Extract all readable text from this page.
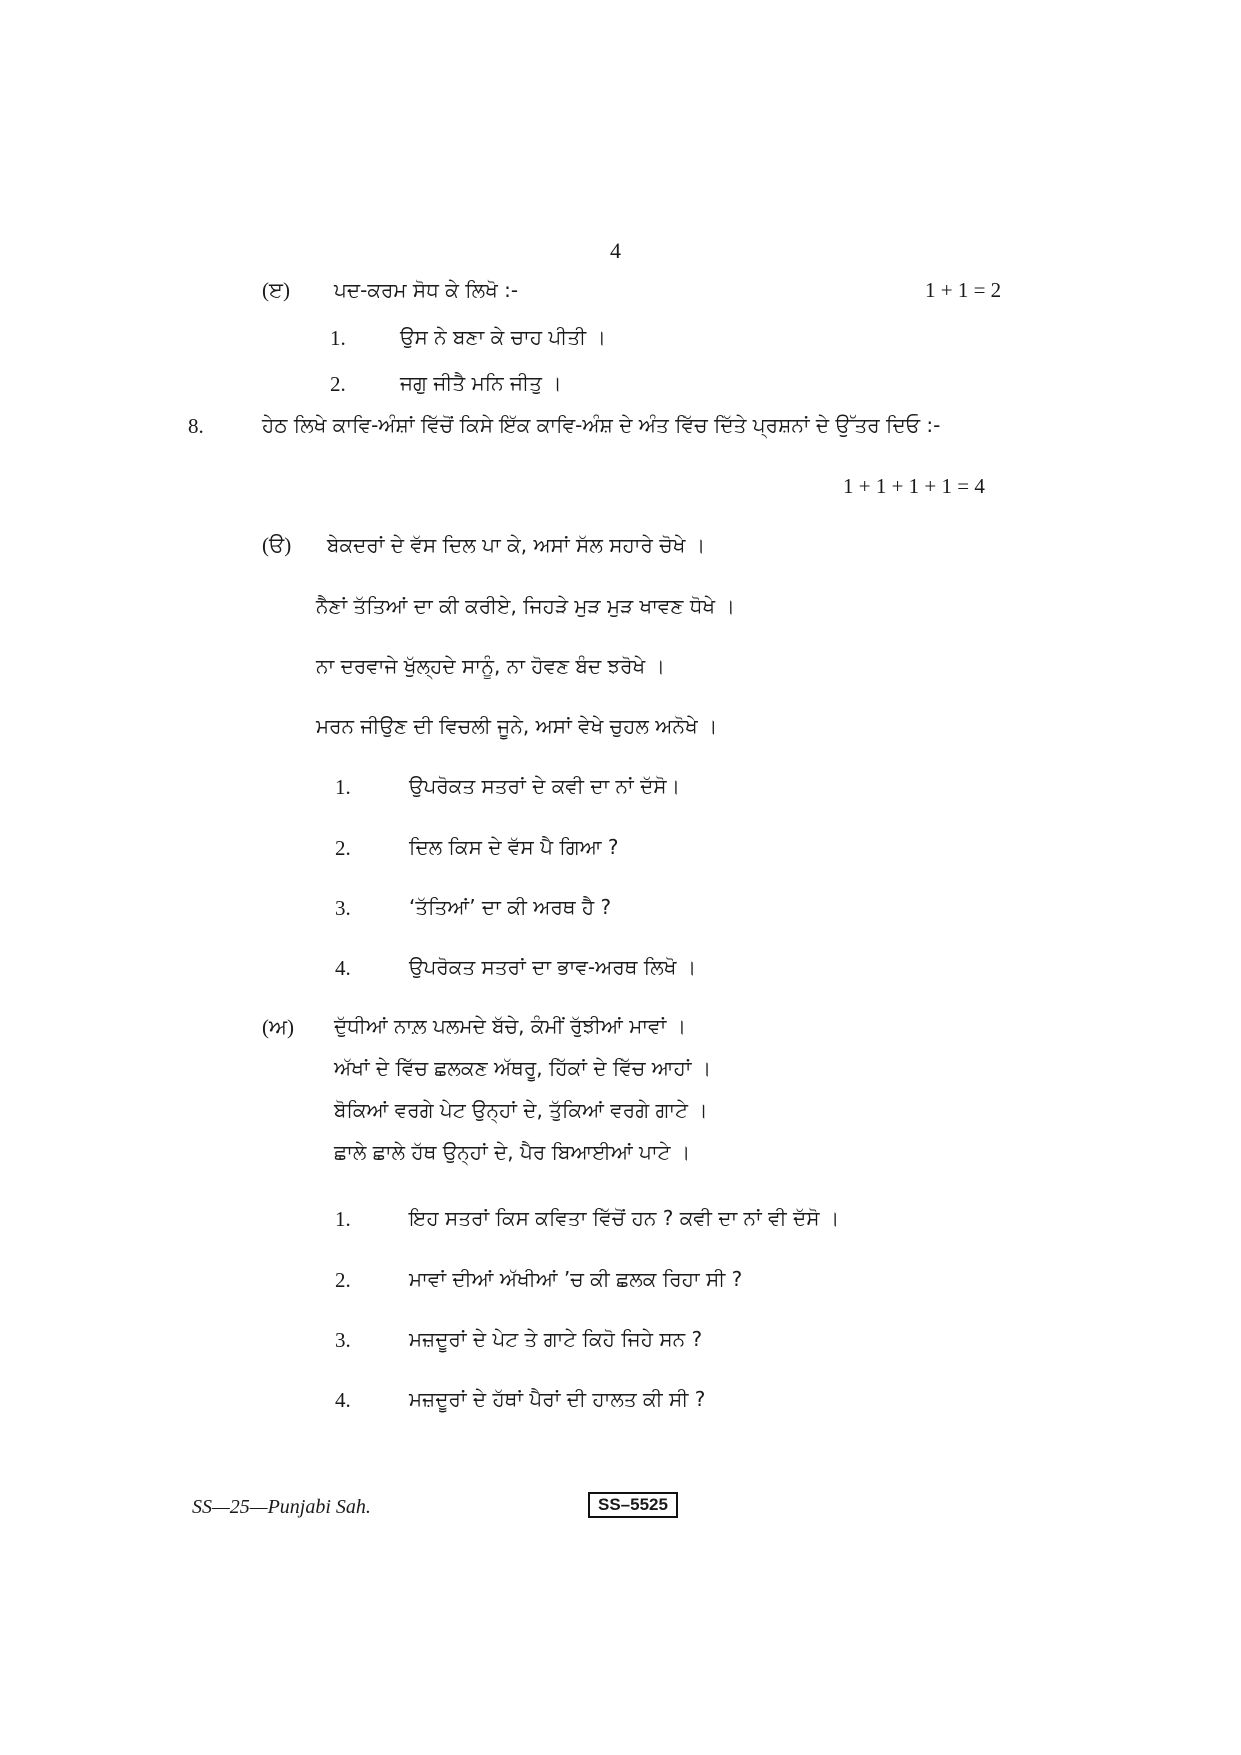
4
(ੲ) ਪਦ-ਕਰਮ ਸੋਧ ਕੇ ਲਿਖੋ :-	1 + 1 = 2
1.	ਉਸ ਨੇ ਬਣਾ ਕੇ ਚਾਹ ਪੀਤੀ ।
2.	ਜਗੁ ਜੀਤੈ ਮਨਿ ਜੀਤੁ ।
8.	ਹੇਠ ਲਿਖੇ ਕਾਵਿ-ਅੰਸ਼ਾਂ ਵਿੱਚੋਂ ਕਿਸੇ ਇੱਕ ਕਾਵਿ-ਅੰਸ਼ ਦੇ ਅੰਤ ਵਿੱਚ ਦਿੱਤੇ ਪ੍ਰਸ਼ਨਾਂ ਦੇ ਉੱਤਰ ਦਿਓ :-
1 + 1 + 1 + 1 = 4
(ੳ) ਬੇਕਦਰਾਂ ਦੇ ਵੱਸ ਦਿਲ ਪਾ ਕੇ, ਅਸਾਂ ਸੱਲ ਸਹਾਰੇ ਚੋਖੇ ।
ਨੈਣਾਂ ਤੱਤਿਆਂ ਦਾ ਕੀ ਕਰੀਏ, ਜਿਹੜੇ ਮੁੜ ਮੁੜ ਖਾਵਣ ਧੋਖੇ ।
ਨਾ ਦਰਵਾਜੇ ਖੁੱਲ੍ਹਦੇ ਸਾਨੂੰ, ਨਾ ਹੋਵਣ ਬੰਦ ਝਰੋਖੇ ।
ਮਰਨ ਜੀਉਣ ਦੀ ਵਿਚਲੀ ਜੂਨੇ, ਅਸਾਂ ਵੇਖੇ ਚੁਹਲ ਅਨੋਖੇ ।
1.	ਉਪਰੋਕਤ ਸਤਰਾਂ ਦੇ ਕਵੀ ਦਾ ਨਾਂ ਦੱਸੋ।
2.	ਦਿਲ ਕਿਸ ਦੇ ਵੱਸ ਪੈ ਗਿਆ ?
3.	‘ਤੱਤਿਆਂ’ ਦਾ ਕੀ ਅਰਥ ਹੈ ?
4.	ਉਪਰੋਕਤ ਸਤਰਾਂ ਦਾ ਭਾਵ-ਅਰਥ ਲਿਖੋ ।
(ਅ) ਦੁੱਧੀਆਂ ਨਾਲ਼ ਪਲਮਦੇ ਬੱਚੇ, ਕੰਮੀਂ ਰੁੱਝੀਆਂ ਮਾਵਾਂ ।
ਅੱਖਾਂ ਦੇ ਵਿੱਚ ਛਲਕਣ ਅੱਥਰੂ, ਹਿੱਕਾਂ ਦੇ ਵਿੱਚ ਆਹਾਂ ।
ਬੋਕਿਆਂ ਵਰਗੇ ਪੇਟ ਉਨ੍ਹਾਂ ਦੇ, ਤੁੱਕਿਆਂ ਵਰਗੇ ਗਾਟੇ ।
ਛਾਲੇ ਛਾਲੇ ਹੱਥ ਉਨ੍ਹਾਂ ਦੇ, ਪੈਰ ਬਿਆਈਆਂ ਪਾਟੇ ।
1.	ਇਹ ਸਤਰਾਂ ਕਿਸ ਕਵਿਤਾ ਵਿੱਚੋਂ ਹਨ ? ਕਵੀ ਦਾ ਨਾਂ ਵੀ ਦੱਸੋ ।
2.	ਮਾਵਾਂ ਦੀਆਂ ਅੱਖੀਆਂ ’ਚ ਕੀ ਛਲਕ ਰਿਹਾ ਸੀ ?
3.	ਮਜ਼ਦੂਰਾਂ ਦੇ ਪੇਟ ਤੇ ਗਾਟੇ ਕਿਹੋ ਜਿਹੇ ਸਨ ?
4.	ਮਜ਼ਦੂਰਾਂ ਦੇ ਹੱਥਾਂ ਪੈਰਾਂ ਦੀ ਹਾਲਤ ਕੀ ਸੀ ?
SS—25—Punjabi Sah.	SS–5525
